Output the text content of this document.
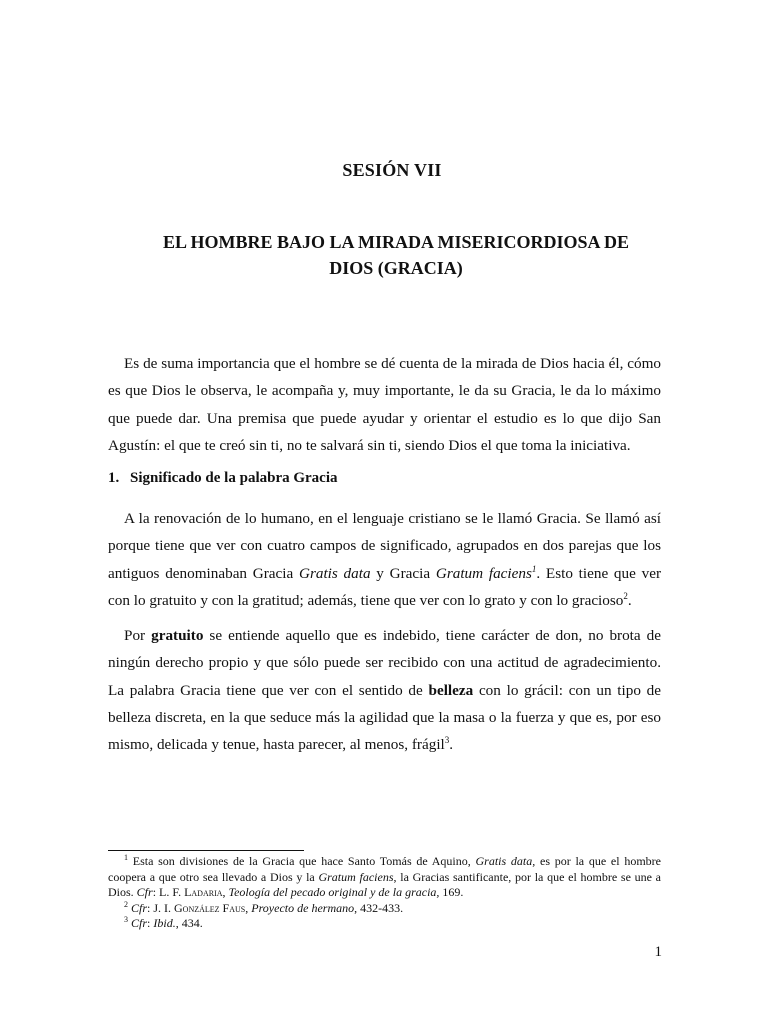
SESIÓN VII
EL HOMBRE BAJO LA MIRADA MISERICORDIOSA DE
DIOS (GRACIA)

Es de suma importancia que el hombre se dé cuenta de la mirada de Dios hacia él, cómo es que Dios le observa, le acompaña y, muy importante, le da su Gracia, le da lo máximo que puede dar. Una premisa que puede ayudar y orientar el estudio es lo que dijo San Agustín: el que te creó sin ti, no te salvará sin ti, siendo Dios el que toma la iniciativa.

1. Significado de la palabra Gracia

A la renovación de lo humano, en el lenguaje cristiano se le llamó Gracia. Se llamó así porque tiene que ver con cuatro campos de significado, agrupados en dos parejas que los antiguos denominaban Gracia Gratis data y Gracia Gratum faciens$^1$. Esto tiene que ver con lo gratuito y con la gratitud; además, tiene que ver con lo grato y con lo gracioso$^2$.

Por gratuito se entiende aquello que es indebido, tiene carácter de don, no brota de ningún derecho propio y que sólo puede ser recibido con una actitud de agradecimiento. La palabra Gracia tiene que ver con el sentido de belleza con lo grácil: con un tipo de belleza discreta, en la que seduce más la agilidad que la masa o la fuerza y que es, por eso mismo, delicada y tenue, hasta parecer, al menos, frágil$^3$.

$^1$ Esta son divisiones de la Gracia que hace Santo Tomás de Aquino, Gratis data, es por la que el hombre coopera a que otro sea llevado a Dios y la Gratum faciens, la Gracias santificante, por la que el hombre se une a Dios. Cfr: L. F. Ladaria, Teología del pecado original y de la gracia, 169.

$^2$ Cfr: J. I. González Faus, Proyecto de hermano, 432-433.

$^3$ Cfr: Ibid., 434.

1
